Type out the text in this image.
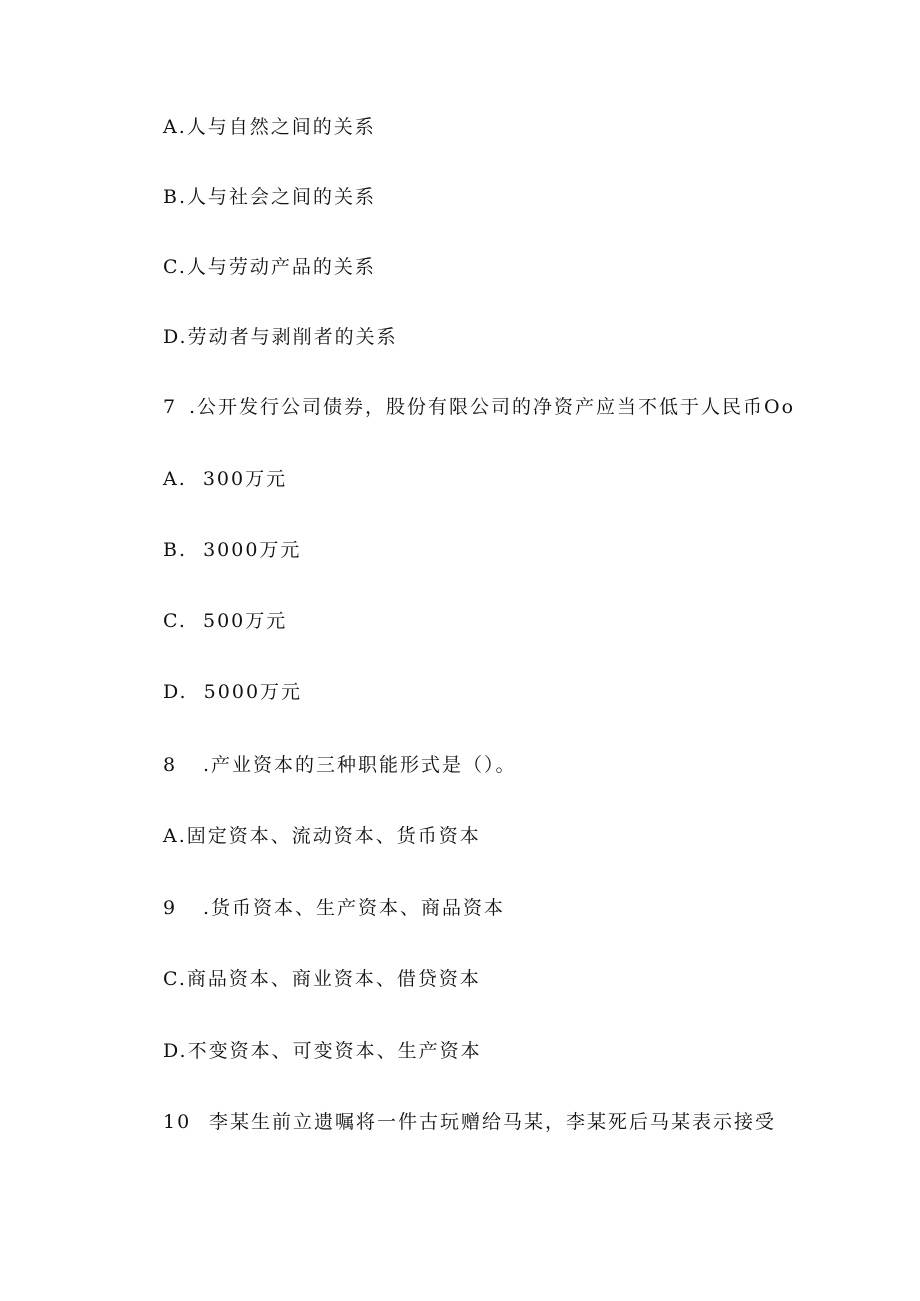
A.人与自然之间的关系
B.人与社会之间的关系
C.人与劳动产品的关系
D.劳动者与剥削者的关系
7 .公开发行公司债券，股份有限公司的净资产应当不低于人民币Oo
A.  300万元
B.  3000万元
C.  500万元
D.  5000万元
8 .产业资本的三种职能形式是（）。
A.固定资本、流动资本、货币资本
9 .货币资本、生产资本、商品资本
C.商品资本、商业资本、借贷资本
D.不变资本、可变资本、生产资本
10 李某生前立遗嘱将一件古玩赠给马某，李某死后马某表示接受
